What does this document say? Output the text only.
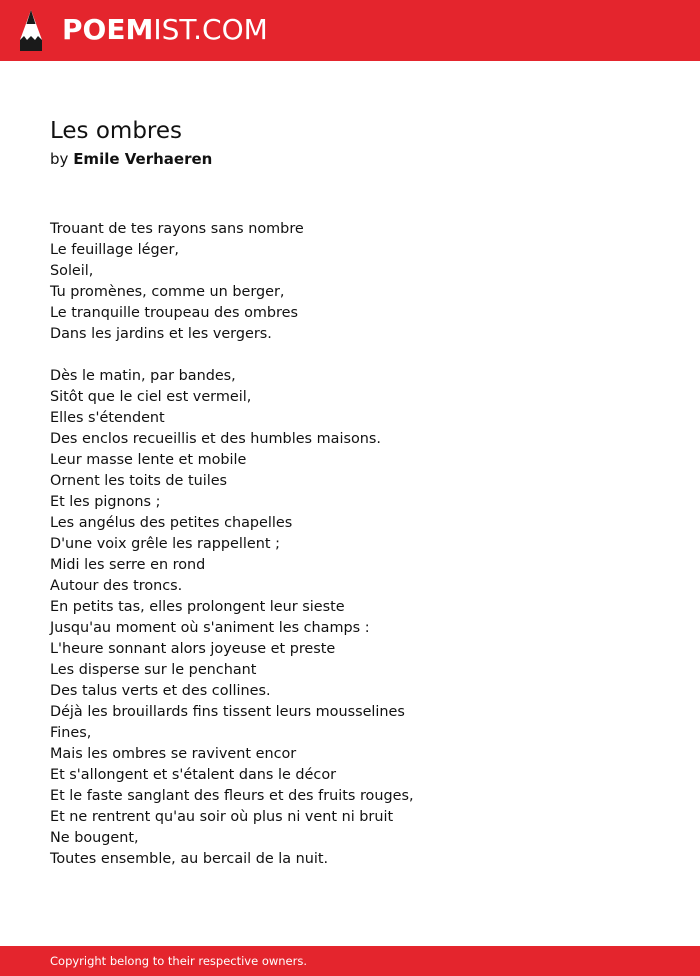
POEMIST.COM
Les ombres
by Emile Verhaeren
Trouant de tes rayons sans nombre
Le feuillage léger,
Soleil,
Tu promènes, comme un berger,
Le tranquille troupeau des ombres
Dans les jardins et les vergers.
Dès le matin, par bandes,
Sitôt que le ciel est vermeil,
Elles s'étendent
Des enclos recueillis et des humbles maisons.
Leur masse lente et mobile
Ornent les toits de tuiles
Et les pignons ;
Les angélus des petites chapelles
D'une voix grêle les rappellent ;
Midi les serre en rond
Autour des troncs.
En petits tas, elles prolongent leur sieste
Jusqu'au moment où s'animent les champs :
L'heure sonnant alors joyeuse et preste
Les disperse sur le penchant
Des talus verts et des collines.
Déjà les brouillards fins tissent leurs mousselines
Fines,
Mais les ombres se ravivent encor
Et s'allongent et s'étalent dans le décor
Et le faste sanglant des fleurs et des fruits rouges,
Et ne rentrent qu'au soir où plus ni vent ni bruit
Ne bougent,
Toutes ensemble, au bercail de la nuit.
Copyright belong to their respective owners.
